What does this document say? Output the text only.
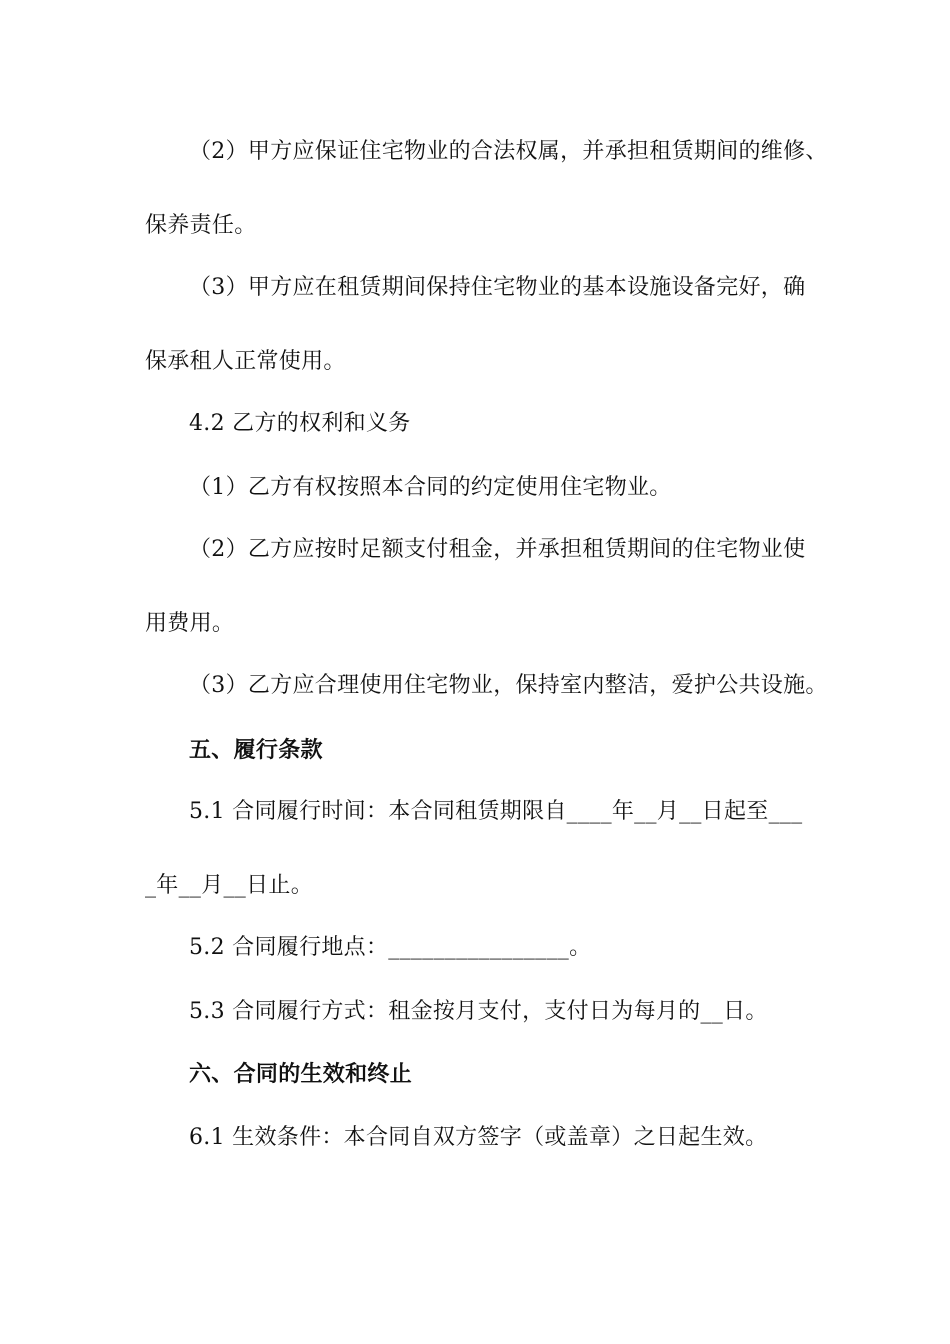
（2）甲方应保证住宅物业的合法权属，并承担租赁期间的维修、
保养责任。
（3）甲方应在租赁期间保持住宅物业的基本设施设备完好，确
保承租人正常使用。
4.2 乙方的权利和义务
（1）乙方有权按照本合同的约定使用住宅物业。
（2）乙方应按时足额支付租金，并承担租赁期间的住宅物业使
用费用。
（3）乙方应合理使用住宅物业，保持室内整洁，爱护公共设施。
五、履行条款
5.1 合同履行时间：本合同租赁期限自____年__月__日起至___
_年__月__日止。
5.2 合同履行地点：________________。
5.3 合同履行方式：租金按月支付，支付日为每月的__日。
六、合同的生效和终止
6.1 生效条件：本合同自双方签字（或盖章）之日起生效。
